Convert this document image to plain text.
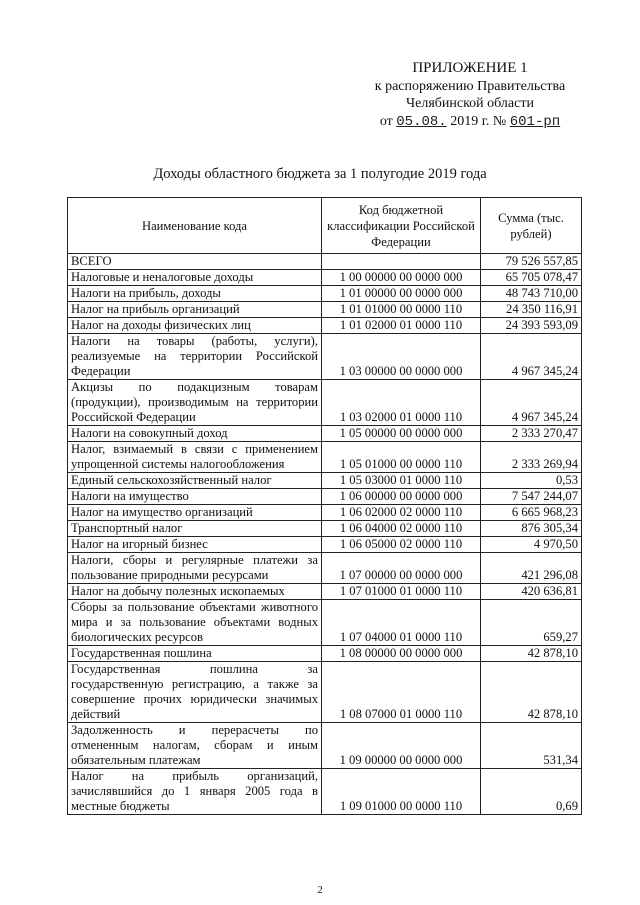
ПРИЛОЖЕНИЕ 1
к распоряжению Правительства
Челябинской области
от 05.08. 2019 г. № 601-рп
Доходы областного бюджета за 1 полугодие 2019 года
Наименование кода	Код бюджетной классификации Российской Федерации	Сумма (тыс. рублей)
ВСЕГО		79 526 557,85
Налоговые и неналоговые доходы	1 00 00000 00 0000 000	65 705 078,47
Налоги на прибыль, доходы	1 01 00000 00 0000 000	48 743 710,00
Налог на прибыль организаций	1 01 01000 00 0000 110	24 350 116,91
Налог на доходы физических лиц	1 01 02000 01 0000 110	24 393 593,09
Налоги на товары (работы, услуги), реализуемые на территории Российской Федерации	1 03 00000 00 0000 000	4 967 345,24
Акцизы по подакцизным товарам (продукции), производимым на территории Российской Федерации	1 03 02000 01 0000 110	4 967 345,24
Налоги на совокупный доход	1 05 00000 00 0000 000	2 333 270,47
Налог, взимаемый в связи с применением упрощенной системы налогообложения	1 05 01000 00 0000 110	2 333 269,94
Единый сельскохозяйственный налог	1 05 03000 01 0000 110	0,53
Налоги на имущество	1 06 00000 00 0000 000	7 547 244,07
Налог на имущество организаций	1 06 02000 02 0000 110	6 665 968,23
Транспортный налог	1 06 04000 02 0000 110	876 305,34
Налог на игорный бизнес	1 06 05000 02 0000 110	4 970,50
Налоги, сборы и регулярные платежи за пользование природными ресурсами	1 07 00000 00 0000 000	421 296,08
Налог на добычу полезных ископаемых	1 07 01000 01 0000 110	420 636,81
Сборы за пользование объектами животного мира и за пользование объектами водных биологических ресурсов	1 07 04000 01 0000 110	659,27
Государственная пошлина	1 08 00000 00 0000 000	42 878,10
Государственная пошлина за государственную регистрацию, а также за совершение прочих юридически значимых действий	1 08 07000 01 0000 110	42 878,10
Задолженность и перерасчеты по отмененным налогам, сборам и иным обязательным платежам	1 09 00000 00 0000 000	531,34
Налог на прибыль организаций, зачислявшийся до 1 января 2005 года в местные бюджеты	1 09 01000 00 0000 110	0,69
2
